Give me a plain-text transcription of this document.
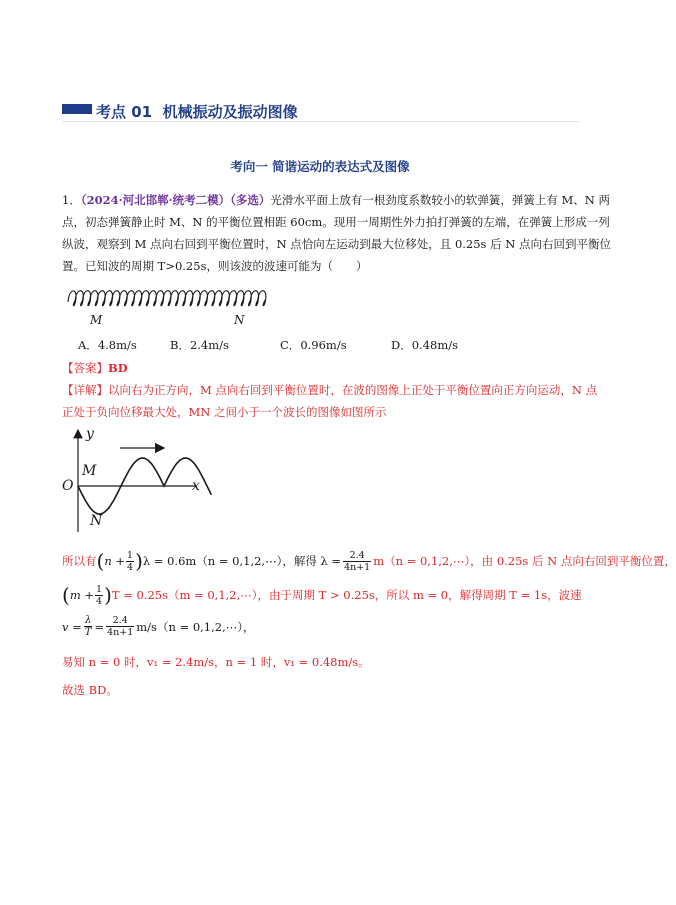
考点 01 机械振动及振动图像
考向一 简谐运动的表达式及图像
1．（2024·河北邯郸·统考二模）（多选）光滑水平面上放有一根劲度系数较小的软弹簧，弹簧上有 M、N 两
点，初态弹簧静止时 M、N 的平衡位置相距 60cm。现用一周期性外力拍打弹簧的左端，在弹簧上形成一列
纵波，观察到 M 点向右回到平衡位置时，N 点恰向左运动到最大位移处，且 0.25s 后 N 点向右回到平衡位
置。已知波的周期 T>0.25s，则该波的波速可能为（　　）
M	N
A．4.8m/s	B．2.4m/s	C．0.96m/s	D．0.48m/s
【答案】BD
【详解】以向右为正方向，M 点向右回到平衡位置时，在波的图像上正处于平衡位置向正方向运动，N 点
正处于负向位移最大处，MN 之间小于一个波长的图像如图所示
y
x
O
M
N
所以有$(n + \frac{1}{4} )\lambda = 0.6m(n$ = 0,1,2,⋯），解得 $\lambda = \frac{2.4}{4n+1} m(n$ = 0,1,2,⋯），由 0.25s 后 N 点向右回到平衡位置，
$(m + \frac{1}{4} )T = 0.25s(m$ = 0,1,2,⋯），由于周期 T > 0.25s，所以 m = 0，解得周期 T = 1s，波速
$v = \frac{\lambda}{T} = \frac{2.4}{4n+1} m/s(n$ = 0,1,2,⋯），
易知 n = 0 时，v₁ = 2.4m/s，n = 1 时，v₁ = 0.48m/s。
故选 BD。
